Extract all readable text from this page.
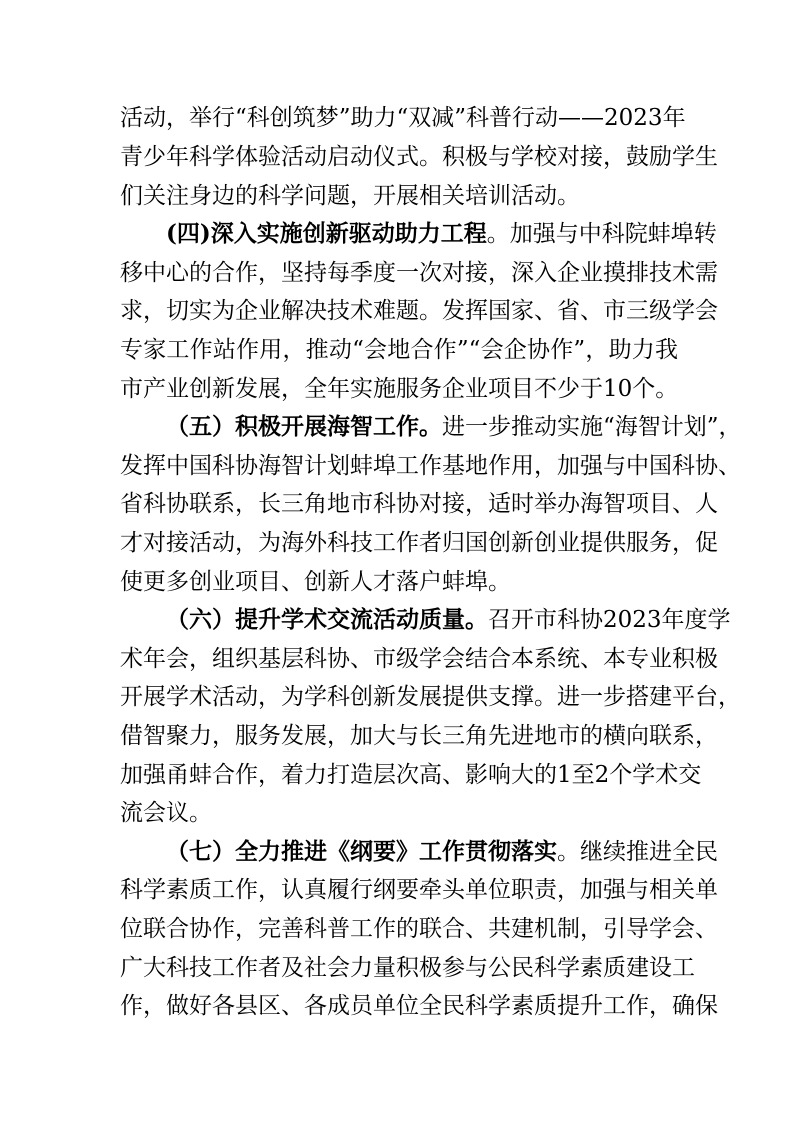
活动，举行“科创筑梦”助力“双减”科普行动——2023年
青少年科学体验活动启动仪式。积极与学校对接，鼓励学生
们关注身边的科学问题，开展相关培训活动。
(四)深入实施创新驱动助力工程。加强与中科院蚌埠转
移中心的合作，坚持每季度一次对接，深入企业摸排技术需
求，切实为企业解决技术难题。发挥国家、省、市三级学会
专家工作站作用，推动“会地合作”“会企协作”，助力我
市产业创新发展，全年实施服务企业项目不少于10个。
（五）积极开展海智工作。进一步推动实施“海智计划”，
发挥中国科协海智计划蚌埠工作基地作用，加强与中国科协、
省科协联系，长三角地市科协对接，适时举办海智项目、人
才对接活动，为海外科技工作者归国创新创业提供服务，促
使更多创业项目、创新人才落户蚌埠。
（六）提升学术交流活动质量。召开市科协2023年度学
术年会，组织基层科协、市级学会结合本系统、本专业积极
开展学术活动，为学科创新发展提供支撑。进一步搭建平台，
借智聚力，服务发展，加大与长三角先进地市的横向联系，
加强甬蚌合作，着力打造层次高、影响大的1至2个学术交
流会议。
（七）全力推进《纲要》工作贯彻落实。继续推进全民
科学素质工作，认真履行纲要牵头单位职责，加强与相关单
位联合协作，完善科普工作的联合、共建机制，引导学会、
广大科技工作者及社会力量积极参与公民科学素质建设工
作，做好各县区、各成员单位全民科学素质提升工作，确保
